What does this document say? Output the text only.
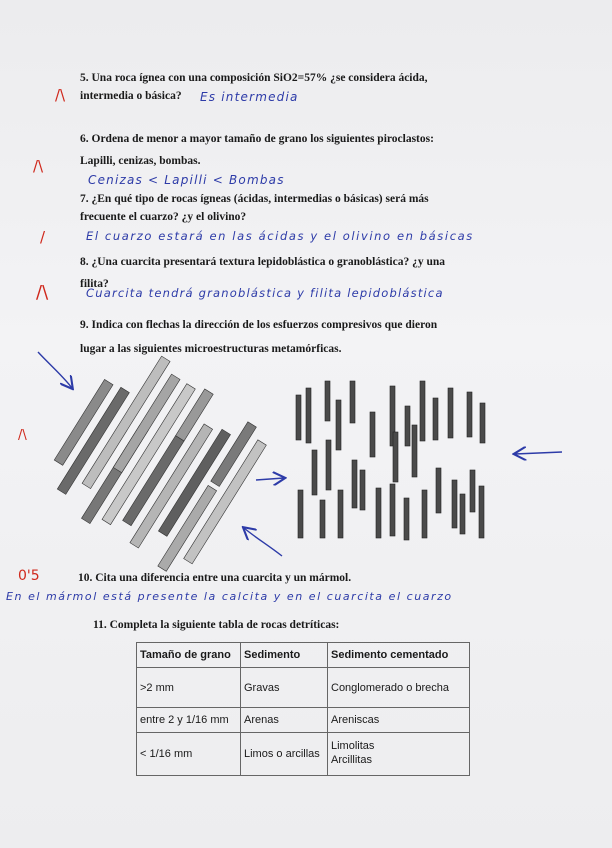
/\
5. Una roca ígnea con una composición SiO2=57% ¿se considera ácida,
intermedia o básica?	Es intermedia
6. Ordena de menor a mayor tamaño de grano los siguientes piroclastos:
Lapilli, cenizas, bombas.
/\
Cenizas < Lapilli < Bombas
7. ¿En qué tipo de rocas ígneas (ácidas, intermedias o básicas) será más
frecuente el cuarzo? ¿y el olivino?
/	El cuarzo estará en las ácidas y el olivino en básicas
8. ¿Una cuarcita presentará textura lepidoblástica o granoblástica? ¿y una
filita?
/\	Cuarcita tendrá granoblástica y filita lepidoblástica
9. Indica con flechas la dirección de los esfuerzos compresivos que dieron
lugar a las siguientes microestructuras metamórficas.
/\
0'5	10. Cita una diferencia entre una cuarcita y un mármol.
En el mármol está presente la calcita y en el cuarcita el cuarzo
11. Completa la siguiente tabla de rocas detríticas:
Tamaño de grano	Sedimento	Sedimento cementado
>2 mm	Gravas	Conglomerado o brecha
entre 2 y 1/16 mm	Arenas	Areniscas
< 1/16 mm	Limos o arcillas	Limolitas
Arcillitas
